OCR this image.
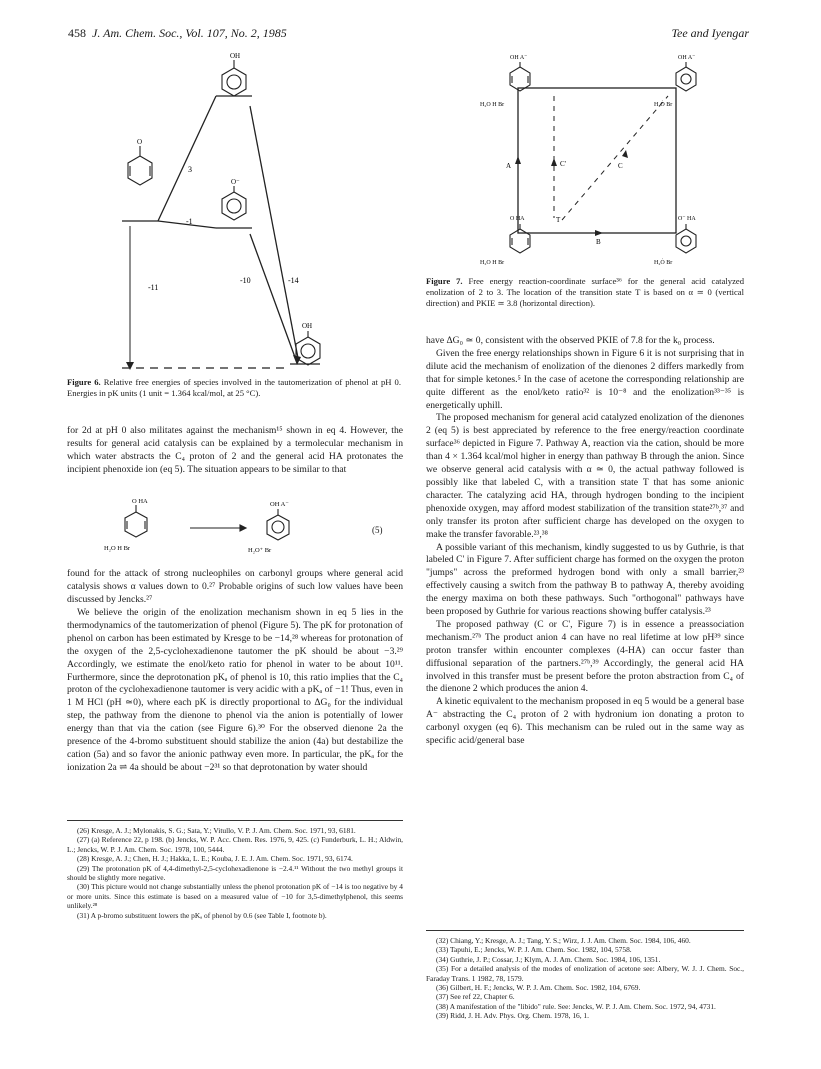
458 J. Am. Chem. Soc., Vol. 107, No. 2, 1985	Tee and Iyengar
O
OH
O⁻
OH
3
-1
-10	-14
-11

Figure 6. Relative free energies of species involved in the tautomerization of phenol at pH 0. Energies in pK units (1 unit = 1.364 kcal/mol, at 25 °C).

for 2d at pH 0 also militates against the mechanism¹⁵ shown in eq 4. However, the results for general acid catalysis can be explained by a termolecular mechanism in which water abstracts the C₄ proton of 2 and the general acid HA protonates the incipient phenoxide ion (eq 5). The situation appears to be similar to that

O HA
H₂O H Br
OH A⁻
H₂O⁺ Br
(5)

found for the attack of strong nucleophiles on carbonyl groups where general acid catalysis shows α values down to 0.²⁷ Probable origins of such low values have been discussed by Jencks.²⁷

We believe the origin of the enolization mechanism shown in eq 5 lies in the thermodynamics of the tautomerization of phenol (Figure 5). The pK for protonation of phenol on carbon has been estimated by Kresge to be −14,²⁸ whereas for protonation of the oxygen of the 2,5-cyclohexadienone tautomer the pK should be about −3.²⁹ Accordingly, we estimate the enol/keto ratio for phenol in water to be about 10¹¹. Furthermore, since the deprotonation pKₐ of phenol is 10, this ratio implies that the C₄ proton of the cyclohexadienone tautomer is very acidic with a pKₐ of −1! Thus, even in 1 M HCl (pH ≃0), where each pK is directly proportional to ΔG₀ for the individual step, the pathway from the dienone to phenol via the anion is potentially of lower energy than that via the cation (see Figure 6).³⁰ For the observed dienone 2a the presence of the 4-bromo substituent should stabilize the anion (4a) but destabilize the cation (5a) and so favor the anionic pathway even more. In particular, the pKₐ for the ionization 2a ⇌ 4a should be about −2³¹ so that deprotonation by water should

(26) Kresge, A. J.; Mylonakis, S. G.; Sata, Y.; Vitullo, V. P. J. Am. Chem. Soc. 1971, 93, 6181.

(27) (a) Reference 22, p 198. (b) Jencks, W. P. Acc. Chem. Res. 1976, 9, 425. (c) Funderburk, L. H.; Aldwin, L.; Jencks, W. P. J. Am. Chem. Soc. 1978, 100, 5444.

(28) Kresge, A. J.; Chen, H. J.; Hakka, L. E.; Kouba, J. E. J. Am. Chem. Soc. 1971, 93, 6174.

(29) The protonation pK of 4,4-dimethyl-2,5-cyclohexadienone is −2.4.¹¹ Without the two methyl groups it should be slightly more negative.

(30) This picture would not change substantially unless the phenol protonation pK of −14 is too negative by 4 or more units. Since this estimate is based on a measured value of −10 for 3,5-dimethylphenol, this seems unlikely.²⁸

(31) A p-bromo substituent lowers the pKₐ of phenol by 0.6 (see Table I, footnote b).

OH A⁻
H₂O H Br
OH A⁻
H₂Ȯ Br
O HA
H₂O H Br
O⁻ HA
H₂Ȯ Br
A
B
C
C'
T

Figure 7. Free energy reaction-coordinate surface³⁶ for the general acid catalyzed enolization of 2 to 3. The location of the transition state T is based on α ≃ 0 (vertical direction) and PKIE ≃ 3.8 (horizontal direction).

have ΔG₀ ≃ 0, consistent with the observed PKIE of 7.8 for the k₀ process.

Given the free energy relationships shown in Figure 6 it is not surprising that in dilute acid the mechanism of enolization of the dienones 2 differs markedly from that for simple ketones.⁵ In the case of acetone the corresponding relationship are quite different as the enol/keto ratio³² is 10⁻⁸ and the enolization³³⁻³⁵ is energetically uphill.

The proposed mechanism for general acid catalyzed enolization of the dienones 2 (eq 5) is best appreciated by reference to the free energy/reaction coordinate surface³⁶ depicted in Figure 7. Pathway A, reaction via the cation, should be more than 4 × 1.364 kcal/mol higher in energy than pathway B through the anion. Since we observe general acid catalysis with α ≃ 0, the actual pathway followed is possibly like that labeled C, with a transition state T that has some anionic character. The catalyzing acid HA, through hydrogen bonding to the incipient phenoxide oxygen, may afford modest stabilization of the transition state²⁷ᵇ,³⁷ and only transfer its proton after sufficient charge has developed on the oxygen to make the transfer favorable.²³,³⁸

A possible variant of this mechanism, kindly suggested to us by Guthrie, is that labeled C' in Figure 7. After sufficient charge has formed on the oxygen the proton "jumps" across the preformed hydrogen bond with only a small barrier,²³ effectively causing a switch from the pathway B to pathway A, thereby avoiding the energy maxima on both these pathways. Such "orthogonal" pathways have been proposed by Guthrie for various reactions showing buffer catalysis.²³

The proposed pathway (C or C', Figure 7) is in essence a preassociation mechanism.²⁷ᵇ The product anion 4 can have no real lifetime at low pH³⁹ since proton transfer within encounter complexes (4-HA) can occur faster than diffusional separation of the partners.²⁷ᵇ,³⁹ Accordingly, the general acid HA involved in this transfer must be present before the proton abstraction from C₄ of the dienone 2 which produces the anion 4.

A kinetic equivalent to the mechanism proposed in eq 5 would be a general base A⁻ abstracting the C₄ proton of 2 with hydronium ion donating a proton to carbonyl oxygen (eq 6). This mechanism can be ruled out in the same way as specific acid/general base

(32) Chiang, Y.; Kresge, A. J.; Tang, Y. S.; Wirz, J. J. Am. Chem. Soc. 1984, 106, 460.

(33) Tapuhi, E.; Jencks, W. P. J. Am. Chem. Soc. 1982, 104, 5758.

(34) Guthrie, J. P.; Cossar, J.; Klym, A. J. Am. Chem. Soc. 1984, 106, 1351.

(35) For a detailed analysis of the modes of enolization of acetone see: Albery, W. J. J. Chem. Soc., Faraday Trans. 1 1982, 78, 1579.

(36) Gilbert, H. F.; Jencks, W. P. J. Am. Chem. Soc. 1982, 104, 6769.

(37) See ref 22, Chapter 6.

(38) A manifestation of the "libido" rule. See: Jencks, W. P. J. Am. Chem. Soc. 1972, 94, 4731.

(39) Ridd, J. H. Adv. Phys. Org. Chem. 1978, 16, 1.
